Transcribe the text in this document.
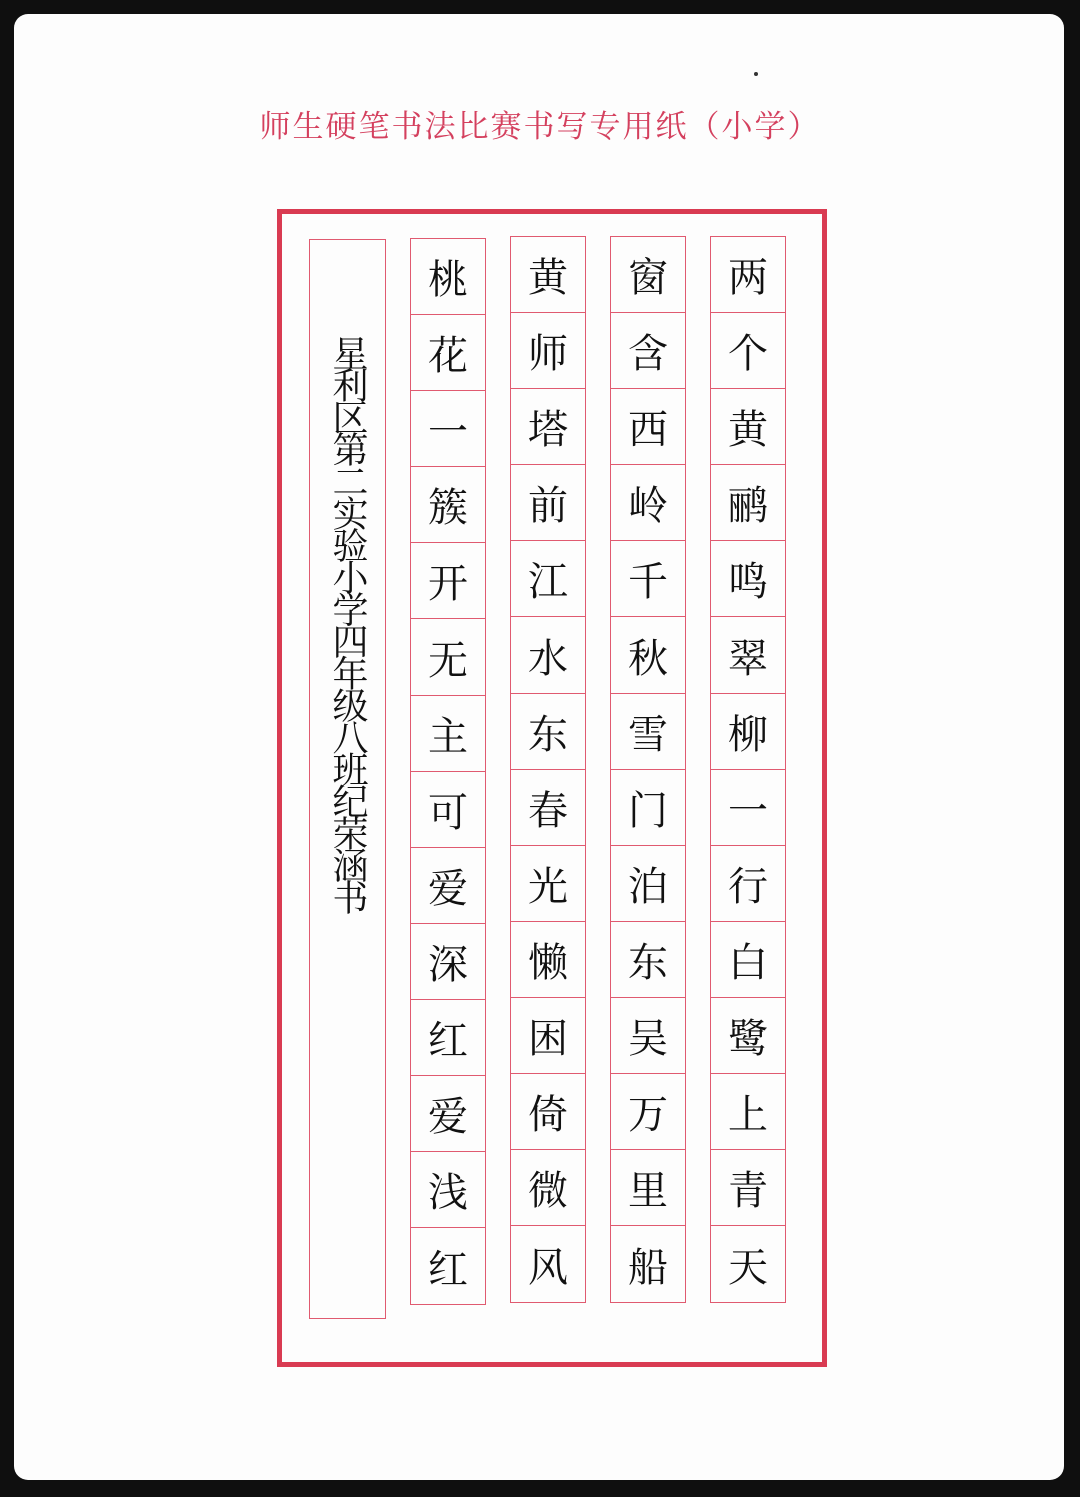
师生硬笔书法比赛书写专用纸（小学）
两
个
黄
鹂
鸣
翠
柳
一
行
白
鹭
上
青
天
窗
含
西
岭
千
秋
雪
门
泊
东
吴
万
里
船
黄
师
塔
前
江
水
东
春
光
懒
困
倚
微
风
桃
花
一
簇
开
无
主
可
爱
深
红
爱
浅
红
星利区第二实验小学四年级八班纪荣涵书
